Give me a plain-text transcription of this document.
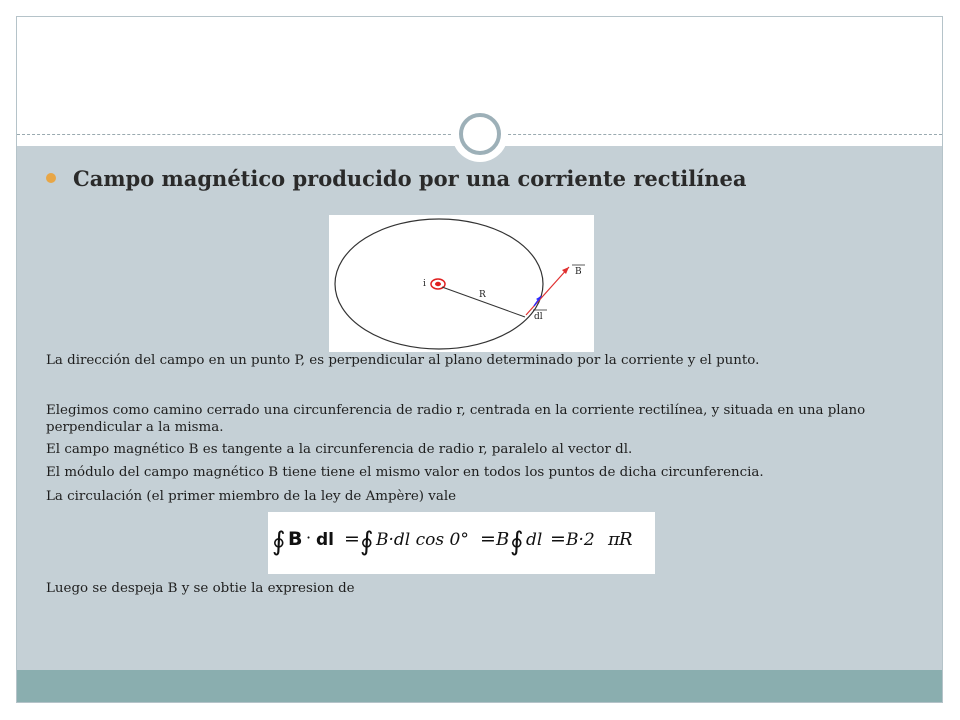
Campo magnético producido por una corriente rectilínea
i
R
B
dl
La dirección del campo en un punto P, es perpendicular al plano determinado por la corriente y el punto.
Elegimos como camino cerrado una circunferencia de radio r, centrada en la corriente rectilínea, y situada en una plano perpendicular a la misma.
El campo magnético B es tangente a la circunferencia de radio r, paralelo al vector dl.
El módulo del campo magnético B tiene tiene el mismo valor en todos los puntos de dicha circunferencia.
La circulación (el primer miembro de la ley de Ampère) vale
∮ B · dl = ∮ B·dl cos 0° = B ∮ dl = B·2 π R
Luego se despeja B y se obtie la expresion de
